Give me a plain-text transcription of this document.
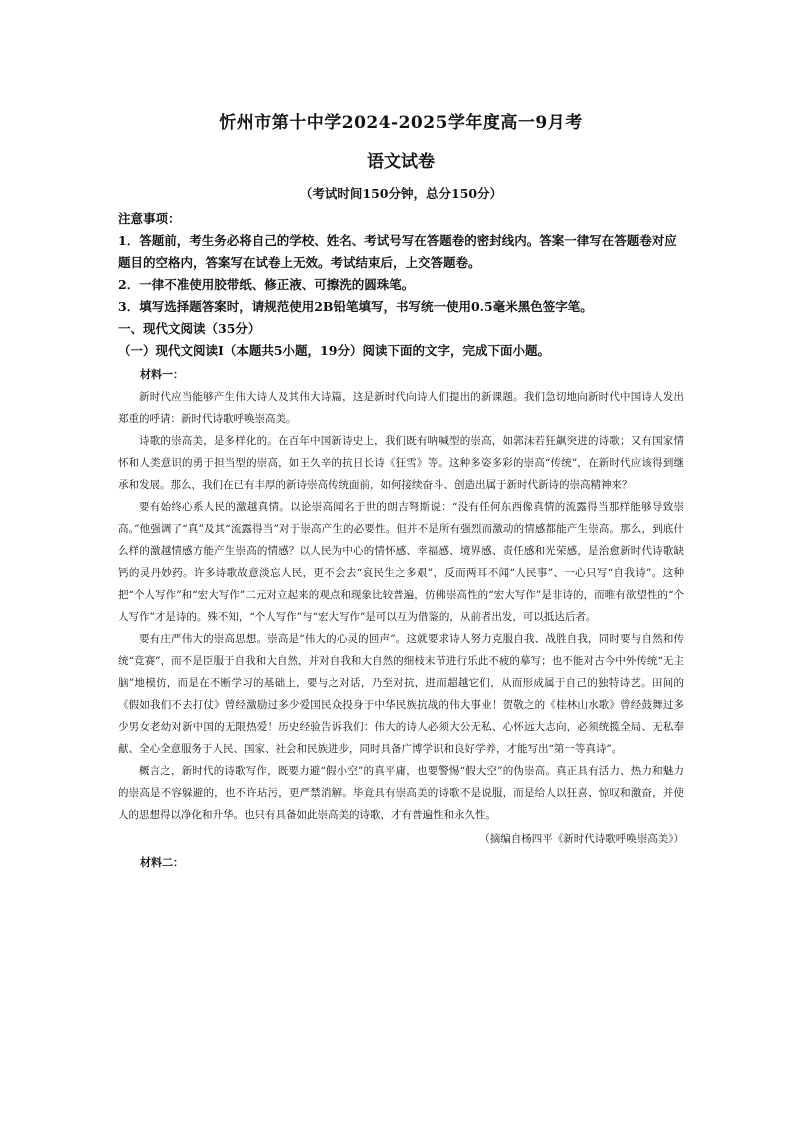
忻州市第十中学2024-2025学年度高一9月考
语文试卷

（考试时间150分钟，总分150分）

注意事项：

1．答题前，考生务必将自己的学校、姓名、考试号写在答题卷的密封线内。答案一律写在答题卷对应题目的空格内，答案写在试卷上无效。考试结束后，上交答题卷。

2．一律不准使用胶带纸、修正液、可擦洗的圆珠笔。

3．填写选择题答案时，请规范使用2B铅笔填写，书写统一使用0.5毫米黑色签字笔。

一、现代文阅读（35分）

（一）现代文阅读Ⅰ（本题共5小题，19分）阅读下面的文字，完成下面小题。

材料一：

新时代应当能够产生伟大诗人及其伟大诗篇，这是新时代向诗人们提出的新课题。我们急切地向新时代中国诗人发出郑重的呼请：新时代诗歌呼唤崇高美。

诗歌的崇高美，是多样化的。在百年中国新诗史上，我们既有呐喊型的崇高，如郭沫若狂飙突进的诗歌；又有国家情怀和人类意识的勇于担当型的崇高，如王久辛的抗日长诗《狂雪》等。这种多姿多彩的崇高“传统”，在新时代应该得到继承和发展。那么，我们在已有丰厚的新诗崇高传统面前，如何接续奋斗、创造出属于新时代新诗的崇高精神来？

要有始终心系人民的激越真情。以论崇高闻名于世的朗吉弩斯说：“没有任何东西像真情的流露得当那样能够导致崇高。”他强调了“真”及其“流露得当”对于崇高产生的必要性。但并不是所有强烈而激动的情感都能产生崇高。那么，到底什么样的激越情感方能产生崇高的情感？以人民为中心的情怀感、幸福感、境界感、责任感和光荣感，是治愈新时代诗歌缺钙的灵丹妙药。许多诗歌故意淡忘人民，更不会去“哀民生之多艰”，反而两耳不闻“人民事”、一心只写“自我诗”。这种把“个人写作”和“宏大写作”二元对立起来的观点和现象比较普遍，仿佛崇高性的“宏大写作”是非诗的，而唯有欲望性的“个人写作”才是诗的。殊不知，“个人写作”与“宏大写作”是可以互为借鉴的，从前者出发，可以抵达后者。

要有庄严伟大的崇高思想。崇高是“伟大的心灵的回声”。这就要求诗人努力克服自我、战胜自我，同时要与自然和传统“竞赛”，而不是臣服于自我和大自然，并对自我和大自然的细枝末节进行乐此不疲的摹写；也不能对古今中外传统“无主脑”地模仿，而是在不断学习的基础上，要与之对话，乃至对抗，进而超越它们，从而形成属于自己的独特诗艺。田间的《假如我们不去打仗》曾经激励过多少爱国民众投身于中华民族抗战的伟大事业！贺敬之的《桂林山水歌》曾经鼓舞过多少男女老幼对新中国的无限热爱！历史经验告诉我们：伟大的诗人必须大公无私、心怀远大志向，必须统揽全局、无私奉献、全心全意服务于人民、国家、社会和民族进步，同时具备广博学识和良好学养，才能写出“第一等真诗”。

概言之，新时代的诗歌写作，既要力避“假小空”的真平庸，也要警惕“假大空”的伪崇高。真正具有活力、热力和魅力的崇高是不容躲避的，也不许玷污，更严禁消解。毕竟具有崇高美的诗歌不是说服，而是给人以狂喜、惊叹和激奋，并使人的思想得以净化和升华。也只有具备如此崇高美的诗歌，才有普遍性和永久性。

（摘编自杨四平《新时代诗歌呼唤崇高美》）

材料二：
